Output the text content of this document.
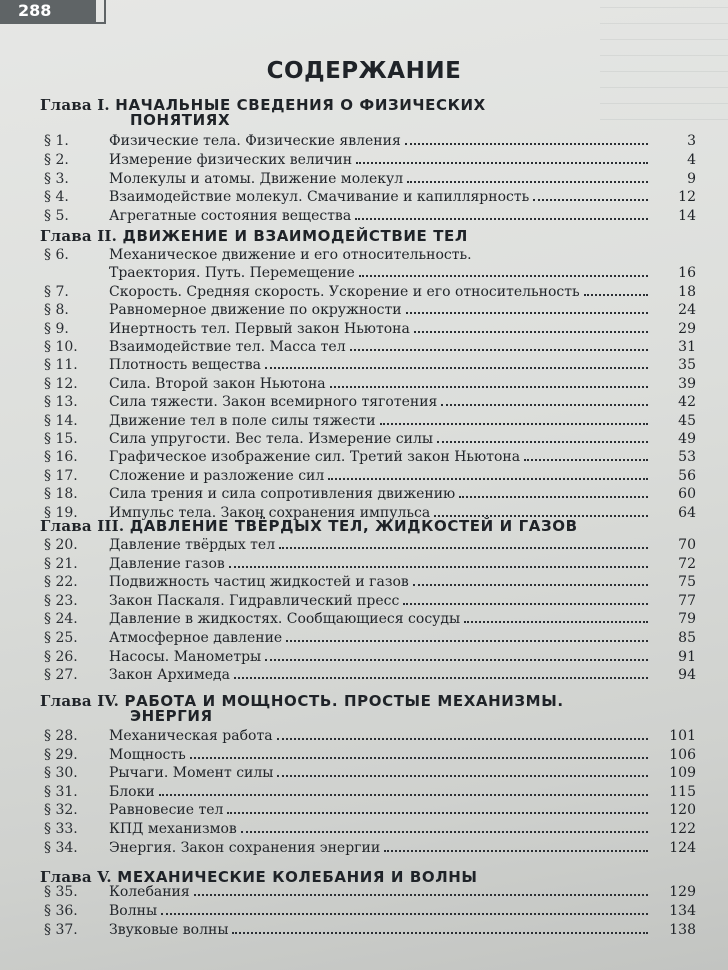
288
СОДЕРЖАНИЕ
Глава I. НАЧАЛЬНЫЕ СВЕДЕНИЯ О ФИЗИЧЕСКИХ
ПОНЯТИЯХ
§ 1.	Физические тела. Физические явления	3
§ 2.	Измерение физических величин	4
§ 3.	Молекулы и атомы. Движение молекул	9
§ 4.	Взаимодействие молекул. Смачивание и капиллярность	12
§ 5.	Агрегатные состояния вещества	14
Глава II. ДВИЖЕНИЕ И ВЗАИМОДЕЙСТВИЕ ТЕЛ
§ 6.	Механическое движение и его относительность.
Траектория. Путь. Перемещение	16
§ 7.	Скорость. Средняя скорость. Ускорение и его относительность	18
§ 8.	Равномерное движение по окружности	24
§ 9.	Инертность тел. Первый закон Ньютона	29
§ 10. Взаимодействие тел. Масса тел	31
§ 11. Плотность вещества	35
§ 12. Сила. Второй закон Ньютона	39
§ 13. Сила тяжести. Закон всемирного тяготения	42
§ 14. Движение тел в поле силы тяжести	45
§ 15. Сила упругости. Вес тела. Измерение силы	49
§ 16. Графическое изображение сил. Третий закон Ньютона	53
§ 17. Сложение и разложение сил	56
§ 18. Сила трения и сила сопротивления движению	60
§ 19. Импульс тела. Закон сохранения импульса	64
Глава III. ДАВЛЕНИЕ ТВЁРДЫХ ТЕЛ, ЖИДКОСТЕЙ И ГАЗОВ
§ 20. Давление твёрдых тел	70
§ 21. Давление газов	72
§ 22. Подвижность частиц жидкостей и газов	75
§ 23. Закон Паскаля. Гидравлический пресс	77
§ 24. Давление в жидкостях. Сообщающиеся сосуды	79
§ 25. Атмосферное давление	85
§ 26. Насосы. Манометры	91
§ 27. Закон Архимеда	94
Глава IV. РАБОТА И МОЩНОСТЬ. ПРОСТЫЕ МЕХАНИЗМЫ.
ЭНЕРГИЯ
§ 28. Механическая работа	101
§ 29. Мощность	106
§ 30. Рычаги. Момент силы	109
§ 31. Блоки	115
§ 32. Равновесие тел	120
§ 33. КПД механизмов	122
§ 34. Энергия. Закон сохранения энергии	124
Глава V. МЕХАНИЧЕСКИЕ КОЛЕБАНИЯ И ВОЛНЫ
§ 35. Колебания	129
§ 36. Волны	134
§ 37. Звуковые волны	138
